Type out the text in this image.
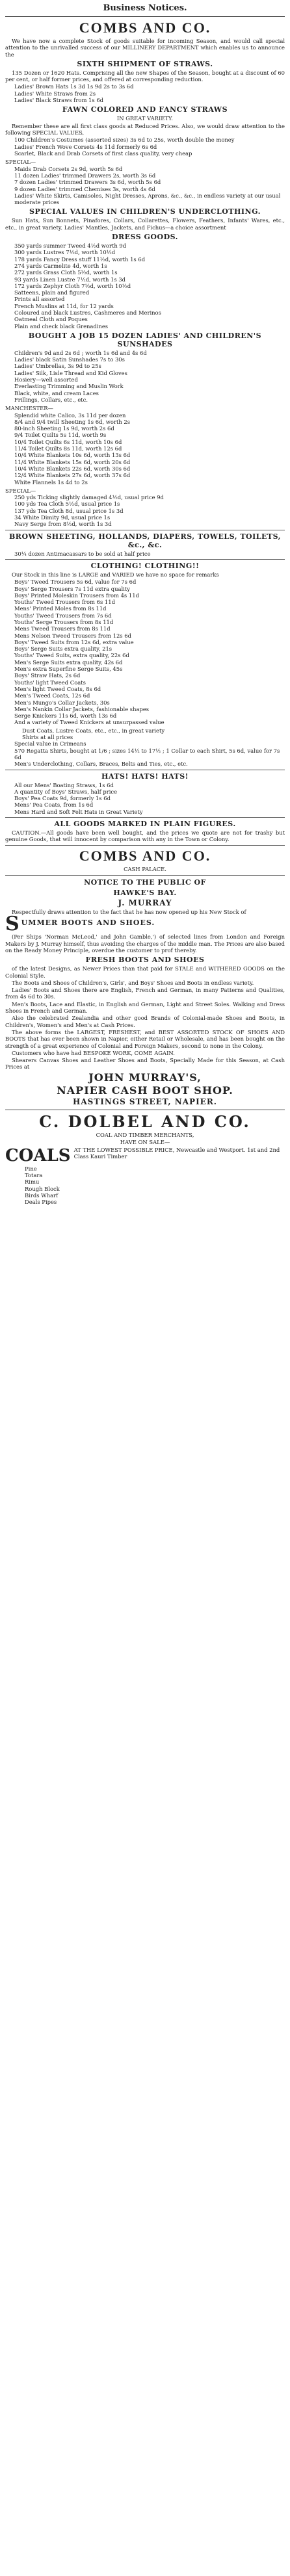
Business Notices.
COMBS AND CO.

We have now a complete Stock of goods suitable for incoming Season, and would call special attention to the unrivalled success of our MILLINERY DEPARTMENT which enables us to announce the

SIXTH SHIPMENT OF STRAWS.

135 Dozen or 1620 Hats. Comprising all the new Shapes of the Season, bought at a discount of 60 per cent, or half former prices, and offered at corresponding reduction.

Ladies' Brown Hats 1s 3d 1s 9d 2s to 3s 6d

Ladies' White Straws from 2s

Ladies' Black Straws from 1s 6d

FAWN COLORED AND FANCY STRAWS
IN GREAT VARIETY.

Remember these are all first class goods at Reduced Prices. Also, we would draw attention to the following SPECIAL VALUES,

100 Children's Costumes (assorted sizes) 3s 6d to 25s, worth double the money

Ladies' French Wove Corsets 4s 11d formerly 6s 6d

Scarlet, Black and Drab Corsets of first class quality, very cheap

SPECIAL—

Maids Drab Corsets 2s 9d, worth 5s 6d

11 dozen Ladies' trimmed Drawers 2s, worth 3s 6d

7 dozen Ladies' trimmed Drawers 3s 6d, worth 5s 6d

9 dozen Ladies' trimmed Chemises 3s, worth 4s 6d

Ladies' White Skirts, Camisoles, Night Dresses, Aprons, &c., &c., in endless variety at our usual moderate prices

SPECIAL VALUES IN CHILDREN'S UNDERCLOTHING.

Sun Hats, Sun Bonnets, Pinafores, Collars, Collarettes, Flowers, Feathers, Infants' Wares, etc., etc., in great variety. Ladies' Mantles, Jackets, and Fichus—a choice assortment

DRESS GOODS.

350 yards summer Tweed 4½d worth 9d

300 yards Lustres 7½d, worth 10½d

178 yards Fancy Dress stuff 11½d, worth 1s 6d

274 yards Carmelite 4d, worth 1s

272 yards Grass Cloth 5½d, worth 1s

93 yards Linen Lustre 7½d, worth 1s 3d

172 yards Zephyr Cloth 7½d, worth 10½d

Satteens, plain and figured

Prints all assorted

French Muslins at 11d, for 12 yards

Coloured and black Lustres, Cashmeres and Merinos

Oatmeal Cloth and Poques

Plain and check black Grenadines

BOUGHT A JOB 15 DOZEN LADIES' AND CHILDREN'S SUNSHADES

Children's 9d and 2s 6d ; worth 1s 6d and 4s 6d

Ladies' black Satin Sunshades 7s to 30s

Ladies' Umbrellas, 3s 9d to 25s

Ladies' Silk, Lisle Thread and Kid Gloves

Hosiery—well assorted

Everlasting Trimming and Muslin Work

Black, white, and cream Laces

Frillings, Collars, etc., etc.

MANCHESTER—

Splendid white Calico, 3s 11d per dozen

8/4 and 9/4 twill Sheeting 1s 6d, worth 2s

80-inch Sheeting 1s 9d, worth 2s 6d

9/4 Toilet Quilts 5s 11d, worth 9s

10/4 Toilet Quilts 6s 11d, worth 10s 6d

11/4 Toilet Quilts 8s 11d, worth 12s 6d

10/4 White Blankets 10s 6d, worth 13s 6d

11/4 White Blankets 15s 6d, worth 20s 6d

10/4 White Blankets 22s 6d, worth 30s 6d

12/4 White Blankets 27s 6d, worth 37s 6d

White Flannels 1s 4d to 2s

SPECIAL—

250 yds Ticking slightly damaged 4½d, usual price 9d

100 yds Tea Cloth 5½d, usual price 1s

137 yds Tea Cloth 8d, usual price 1s 3d

34 White Dimity 9d, usual price 1s

Navy Serge from 8½d, worth 1s 3d

BROWN SHEETING, HOLLANDS, DIAPERS, TOWELS, TOILETS, &c., &c.

30¼ dozen Antimacassars to be sold at half price

CLOTHING! CLOTHING!!

Our Stock in this line is LARGE and VARIED we have no space for remarks

Boys' Tweed Trousers 5s 6d, value for 7s 6d

Boys' Serge Trousers 7s 11d extra quality

Boys' Printed Moleskin Trousers from 4s 11d

Youths' Tweed Trousers from 6s 11d

Mens' Printed Moles from 8s 11d

Youths' Tweed Trousers from 7s 6d

Youths' Serge Trousers from 8s 11d

Mens Tweed Trousers from 8s 11d

Mens Nelson Tweed Trousers from 12s 6d

Boys' Tweed Suits from 12s 6d, extra value

Boys' Serge Suits extra quality, 21s

Youths' Tweed Suits, extra quality, 22s 6d

Men's Serge Suits extra quality, 42s 6d

Men's extra Superfine Serge Suits, 45s

Boys' Straw Hats, 2s 6d

Youths' light Tweed Coats

Men's light Tweed Coats, 8s 6d

Men's Tweed Coats, 12s 6d

Men's Mungo's Collar Jackets, 30s

Men's Nankin Collar Jackets, fashionable shapes

Serge Knickers 11s 6d, worth 13s 6d

And a variety of Tweed Knickers at unsurpassed value

Dust Coats, Lustre Coats, etc., etc., in great variety

Shirts at all prices

Special value in Crimeans

570 Regatta Shirts, bought at 1/6 ; sizes 14½ to 17½ ; 1 Collar to each Shirt, 5s 6d, value for 7s 6d

Men's Underclothing, Collars, Braces, Belts and Ties, etc., etc.

HATS! HATS! HATS!

All our Mens' Boating Straws, 1s 6d

A quantity of Boys' Straws, half price

Boys' Pea Coats 9d, formerly 1s 6d

Mens' Pea Coats, from 1s 6d

Mens Hard and Soft Felt Hats in Great Variety

ALL GOODS MARKED IN PLAIN FIGURES.

CAUTION.—All goods have been well bought, and the prices we quote are not for trashy but genuine Goods, that will innocent by comparison with any in the Town or Colony.

COMBS AND CO.
CASH PALACE.
NOTICE TO THE PUBLIC OF
HAWKE'S BAY.
J. MURRAY

Respectfully draws attention to the fact that he has now opened up his New Stock of

S UMMER BOOTS AND SHOES.

(Per Ships 'Norman McLeod,' and John Gamble,') of selected lines from London and Foreign Makers by J. Murray himself, thus avoiding the charges of the middle man. The Prices are also based on the Ready Money Principle, overdue the customer to prof thereby.

FRESH BOOTS AND SHOES

of the latest Designs, as Newer Prices than that paid for STALE and WITHERED GOODS on the Colonial Style.

The Boots and Shoes of Children's, Girls', and Boys' Shoes and Boots in endless variety.

Ladies' Boots and Shoes there are English, French and German, in many Patterns and Qualities, from 4s 6d to 30s.

Men's Boots, Lace and Elastic, in English and German, Light and Street Soles. Walking and Dress Shoes in French and German.

Also the celebrated Zealandia and other good Brands of Colonial-made Shoes and Boots, in Children's, Women's and Men's at Cash Prices.

The above forms the LARGEST, FRESHEST, and BEST ASSORTED STOCK OF SHOES AND BOOTS that has ever been shown in Napier, either Retail or Wholesale, and has been bought on the strength of a great experience of Colonial and Foreign Makers, second to none in the Colony.

Customers who have had BESPOKE WORK, COME AGAIN.

Shearers Canvas Shoes and Leather Shoes and Boots, Specially Made for this Season, at Cash Prices at

JOHN MURRAY'S,
NAPIER CASH BOOT SHOP.
HASTINGS STREET, NAPIER.
C. DOLBEL AND CO.
COAL AND TIMBER MERCHANTS,
HAVE ON SALE—
COALS AT THE LOWEST POSSIBLE PRICE, Newcastle and Westport. 1st and 2nd Class Kauri Timber

Pine

Totara

Rimu

Rough Block

Birds Wharf

Deals Pipes
